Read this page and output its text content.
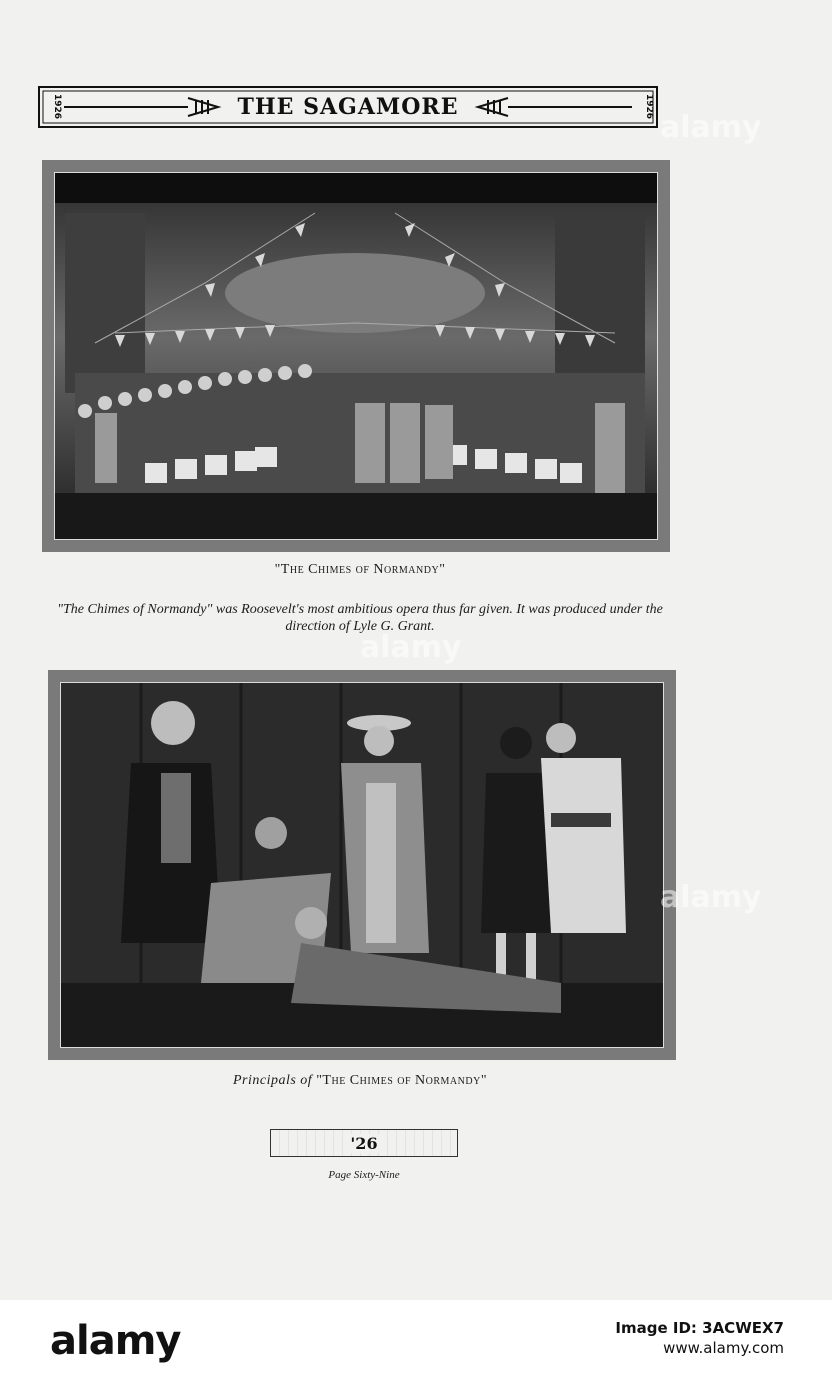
1926	1926
THE SAGAMORE
"The Chimes of Normandy"
"The Chimes of Normandy" was Roosevelt's most ambitious opera thus far given. It was produced under the direction of Lyle G. Grant.
Principals of "The Chimes of Normandy"
'26
Page Sixty-Nine
alamy
alamy
alamy
alamy	Image ID: 3ACWEX7
www.alamy.com
